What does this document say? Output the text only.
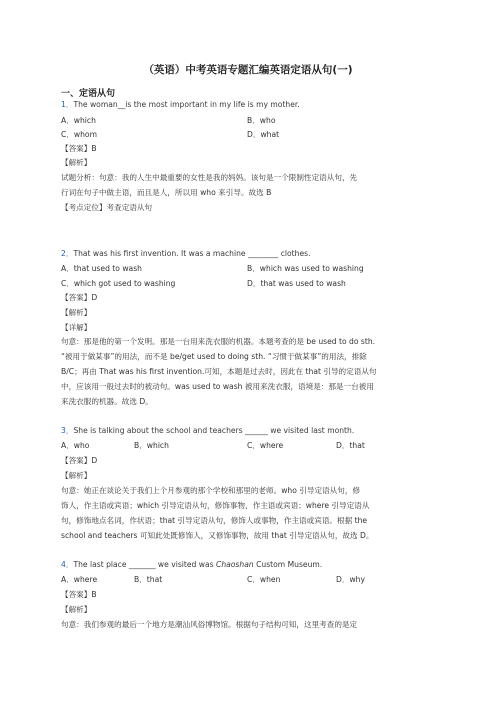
（英语）中考英语专题汇编英语定语从句(一)
一、定语从句
1．The woman__is the most important in my life is my mother.
A．which	B．who
C．whom	D．what
【答案】B
【解析】
试题分析：句意：我的人生中最重要的女性是我的妈妈。该句是一个限制性定语从句，先
行词在句子中做主语，而且是人，所以用 who 来引导。故选 B
【考点定位】考查定语从句
2．That was his first invention. It was a machine ________ clothes.
A．that used to wash	B．which was used to washing
C．which got used to washing	D．that was used to wash
【答案】D
【解析】
【详解】
句意：那是他的第一个发明。那是一台用来洗衣服的机器。本题考查的是 be used to do sth.
“被用于做某事”的用法，而不是 be/get used to doing sth. “习惯于做某事”的用法，排除
B/C；再由 That was his first invention.可知，本题是过去时，因此在 that 引导的定语从句
中，应该用一般过去时的被动句。was used to wash 被用来洗衣服，语境是：那是一台被用
来洗衣服的机器。故选 D。
3．She is talking about the school and teachers ______ we visited last month.
A．who	B．which	C．where	D．that
【答案】D
【解析】
句意：她正在谈论关于我们上个月参观的那个学校和那里的老师。who 引导定语从句，修
饰人，作主语或宾语；which 引导定语从句，修饰事物，作主语或宾语；where 引导定语从
句，修饰地点名词，作状语；that 引导定语从句，修饰人或事物，作主语或宾语。根据 the
school and teachers 可知此处既修饰人，又修饰事物，故用 that 引导定语从句，故选 D。
4．The last place _______ we visited was Chaoshan Custom Museum.
A．where	B．that	C．when	D．why
【答案】B
【解析】
句意：我们参观的最后一个地方是潮汕风俗博物馆。根据句子结构可知，这里考查的是定
